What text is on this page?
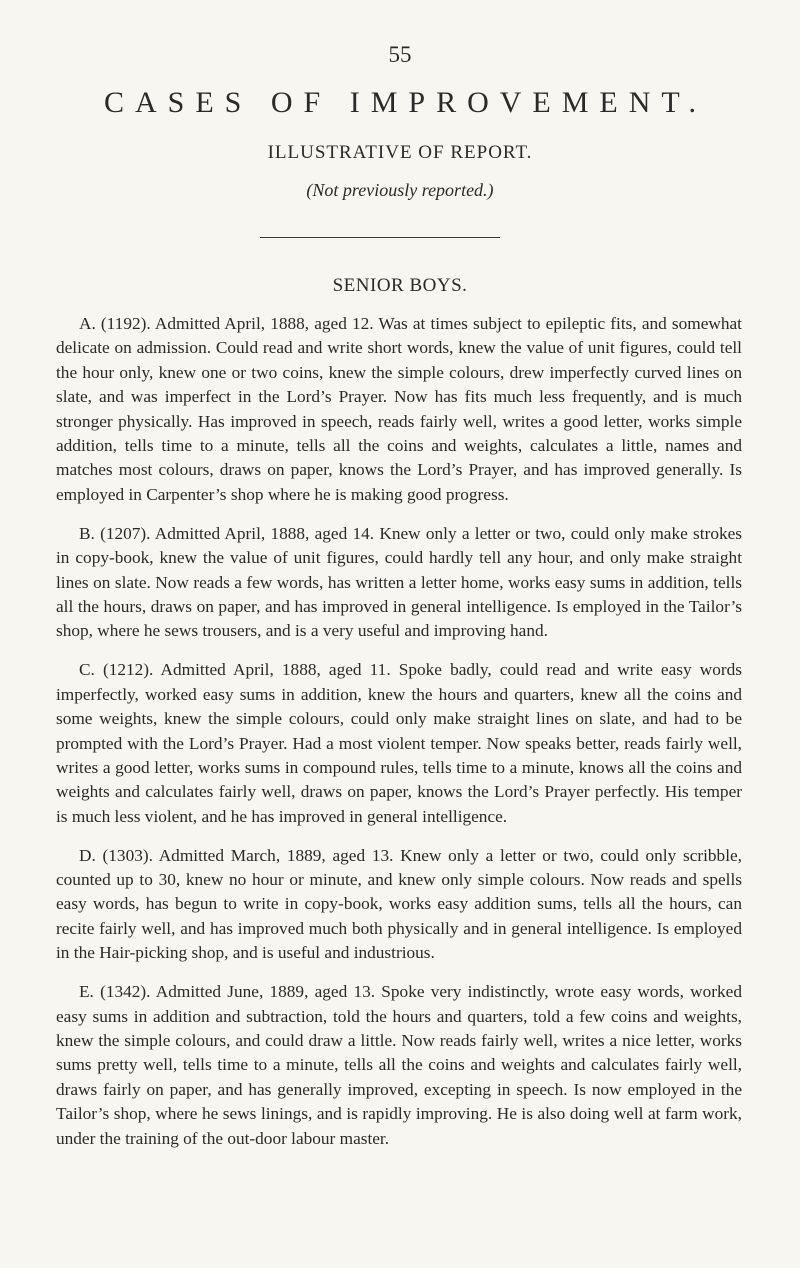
55
CASES OF IMPROVEMENT.
ILLUSTRATIVE OF REPORT.
(Not previously reported.)
SENIOR BOYS.

A. (1192). Admitted April, 1888, aged 12. Was at times subject to epileptic fits, and somewhat delicate on admission. Could read and write short words, knew the value of unit figures, could tell the hour only, knew one or two coins, knew the simple colours, drew imperfectly curved lines on slate, and was imperfect in the Lord’s Prayer. Now has fits much less frequently, and is much stronger physically. Has improved in speech, reads fairly well, writes a good letter, works simple addition, tells time to a minute, tells all the coins and weights, calculates a little, names and matches most colours, draws on paper, knows the Lord’s Prayer, and has improved generally. Is employed in Carpenter’s shop where he is making good progress.

B. (1207). Admitted April, 1888, aged 14. Knew only a letter or two, could only make strokes in copy-book, knew the value of unit figures, could hardly tell any hour, and only make straight lines on slate. Now reads a few words, has written a letter home, works easy sums in addition, tells all the hours, draws on paper, and has improved in general intelligence. Is employed in the Tailor’s shop, where he sews trousers, and is a very useful and improving hand.

C. (1212). Admitted April, 1888, aged 11. Spoke badly, could read and write easy words imperfectly, worked easy sums in addition, knew the hours and quarters, knew all the coins and some weights, knew the simple colours, could only make straight lines on slate, and had to be prompted with the Lord’s Prayer. Had a most violent temper. Now speaks better, reads fairly well, writes a good letter, works sums in compound rules, tells time to a minute, knows all the coins and weights and calculates fairly well, draws on paper, knows the Lord’s Prayer perfectly. His temper is much less violent, and he has improved in general intelligence.

D. (1303). Admitted March, 1889, aged 13. Knew only a letter or two, could only scribble, counted up to 30, knew no hour or minute, and knew only simple colours. Now reads and spells easy words, has begun to write in copy-book, works easy addition sums, tells all the hours, can recite fairly well, and has improved much both physically and in general intelligence. Is employed in the Hair-picking shop, and is useful and industrious.

E. (1342). Admitted June, 1889, aged 13. Spoke very indistinctly, wrote easy words, worked easy sums in addition and subtraction, told the hours and quarters, told a few coins and weights, knew the simple colours, and could draw a little. Now reads fairly well, writes a nice letter, works sums pretty well, tells time to a minute, tells all the coins and weights and calculates fairly well, draws fairly on paper, and has generally improved, excepting in speech. Is now employed in the Tailor’s shop, where he sews linings, and is rapidly improving. He is also doing well at farm work, under the training of the out-door labour master.
